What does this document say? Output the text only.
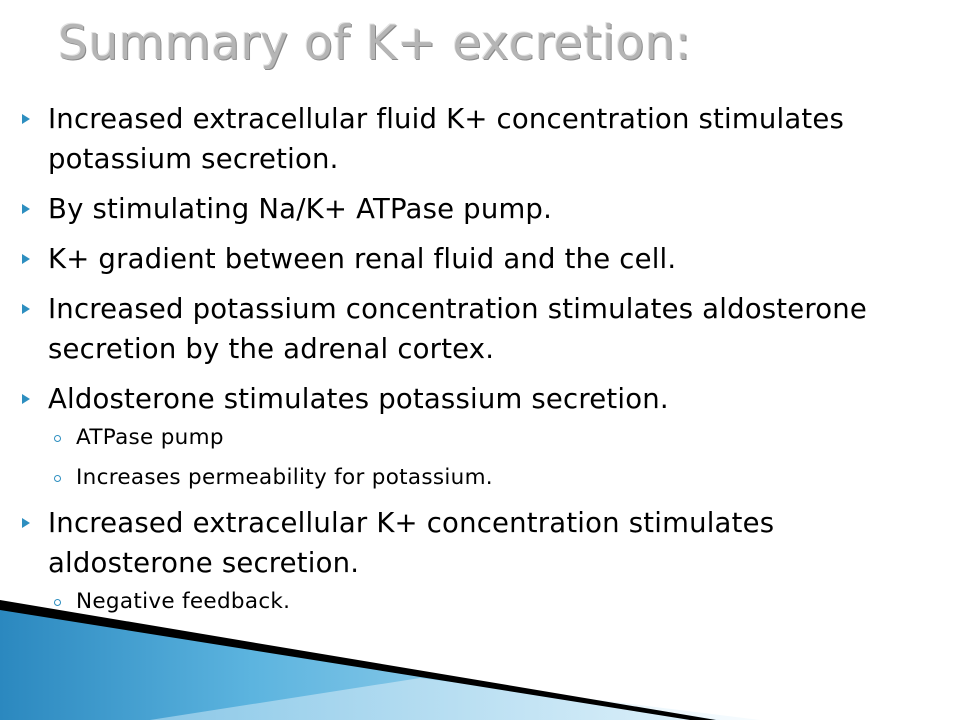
Summary of K+ excretion:
Increased extracellular fluid K+ concentration stimulates potassium secretion.
By stimulating Na/K+ ATPase pump.
K+ gradient between renal fluid and the cell.
Increased potassium concentration stimulates aldosterone secretion by the adrenal cortex.
Aldosterone stimulates potassium secretion.
ATPase pump
Increases permeability for potassium.
Increased extracellular K+ concentration stimulates aldosterone secretion.
Negative feedback.
